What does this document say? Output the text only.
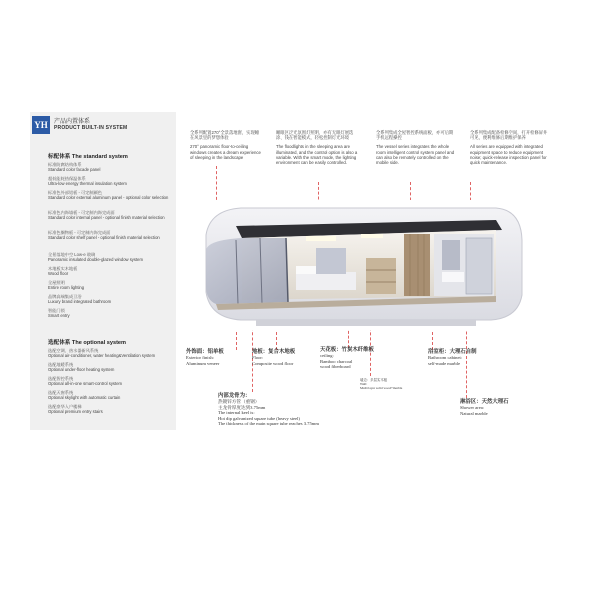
YH	产品内置体系
PRODUCT BUILT-IN SYSTEM
标配体系 The standard system
标准防腐结构体系
Standard color facade panel
超低能耗热保温体系
Ultra-low energy thermal insulation system
标准色外部铝板 - 可定制颜色
Standard color external aluminum panel - optional color selection
标准色内饰墙板 - 可定制内饰完成面
Standard color internal panel - optional finish material selection
标准色搁物板 - 可定制内饰完成面
Standard color shelf panel - optional finish material selection
全景落地中空 Low-e 玻璃
Panoramic insulated double-glazed window system
木地板实木地板
Wood floor
全屋照明
Entire room lighting
品牌高端集成卫浴
Luxury brand integrated bathroom
智能门锁
Smart entry
选配体系 The optional system
选配空调、热水器新风系统
Optional air-conditioner, water heating&Ventilation system
选配地暖系统
Optional under-floor heating system
选配智控系统
Optional all-in-one smart-control system
选配天窗系统
Optional skylight with automatic curtain
选配豪华入户楼梯
Optional premium entry stairs
全系列配置270°全景落地窗，实现睡在风景里的梦想体验
270° panoramic floor-to-ceiling windows creates a dream experience of sleeping in the landscape
睡眠区泛光氛围灯照明，亦有无眠灯展选涂、钱在智能模式，轻松控制灯光环境
The floodlights in the sleeping area are illuminated, and the control option is also a variable. With the smart mode, the lighting environment can be easily controlled.
全系列集成全屋智控系统面板，亦可后期手机远程操控
The vessel series integrates the whole room intelligent control system panel and can also be remotely controlled on the mobile side.
全系列集成配备检修空间，打开检修屏井可见，便利维修后期维护保养
All series are equipped with integrated equipment space to reduce equipment noise; quick-release inspection panel for quick maintenance.
外饰面：铝单板
Exterior finish:
Aluminum veneer
地板：复合木地板
Floor:
Composite wood floor
天花板：竹炭木纤维板
ceiling:
Bamboo charcoal
wood fiberboard
墙边：多层实木板
Wall:
Multi layer solid wood+marble
浴室柜：大理石自制
Bathroom cabinet:
self-made marble
内部龙骨为：
热镀锌方管（重钢）
主龙骨厚度达到3.75mm
The internal keel is:
Hot dip galvanized square tube (heavy steel)
The thickness of the main square tube reaches 3.75mm
淋浴区：天然大理石
Shower area:
Natural marble
